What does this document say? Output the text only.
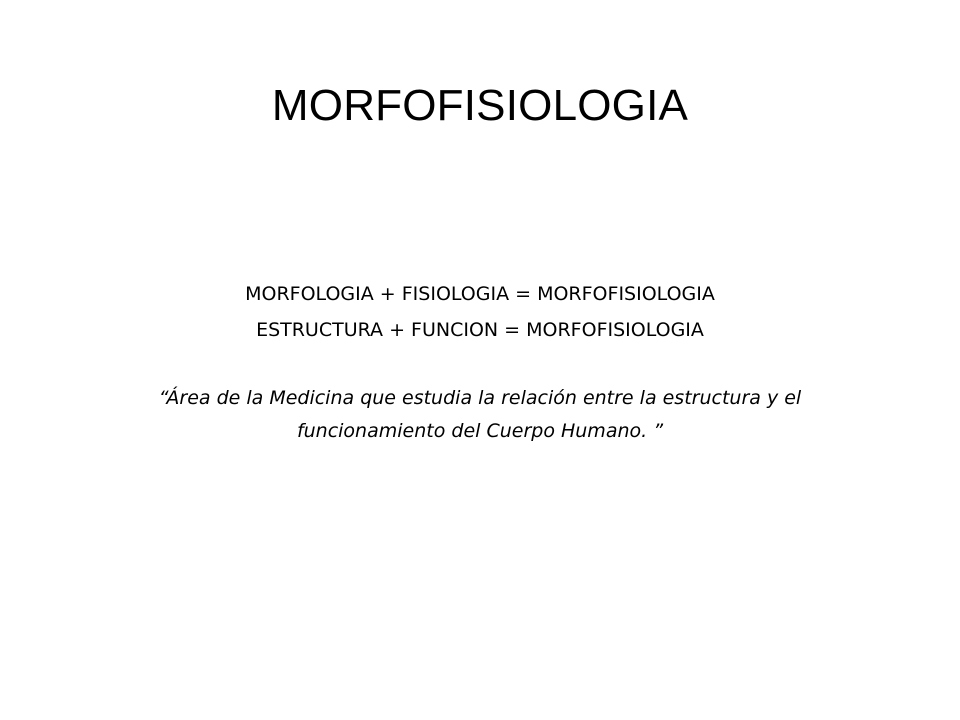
MORFOFISIOLOGIA
MORFOLOGIA + FISIOLOGIA = MORFOFISIOLOGIA
ESTRUCTURA + FUNCION = MORFOFISIOLOGIA
“Área de la Medicina que estudia la relación entre la estructura y el funcionamiento del Cuerpo Humano. ”
